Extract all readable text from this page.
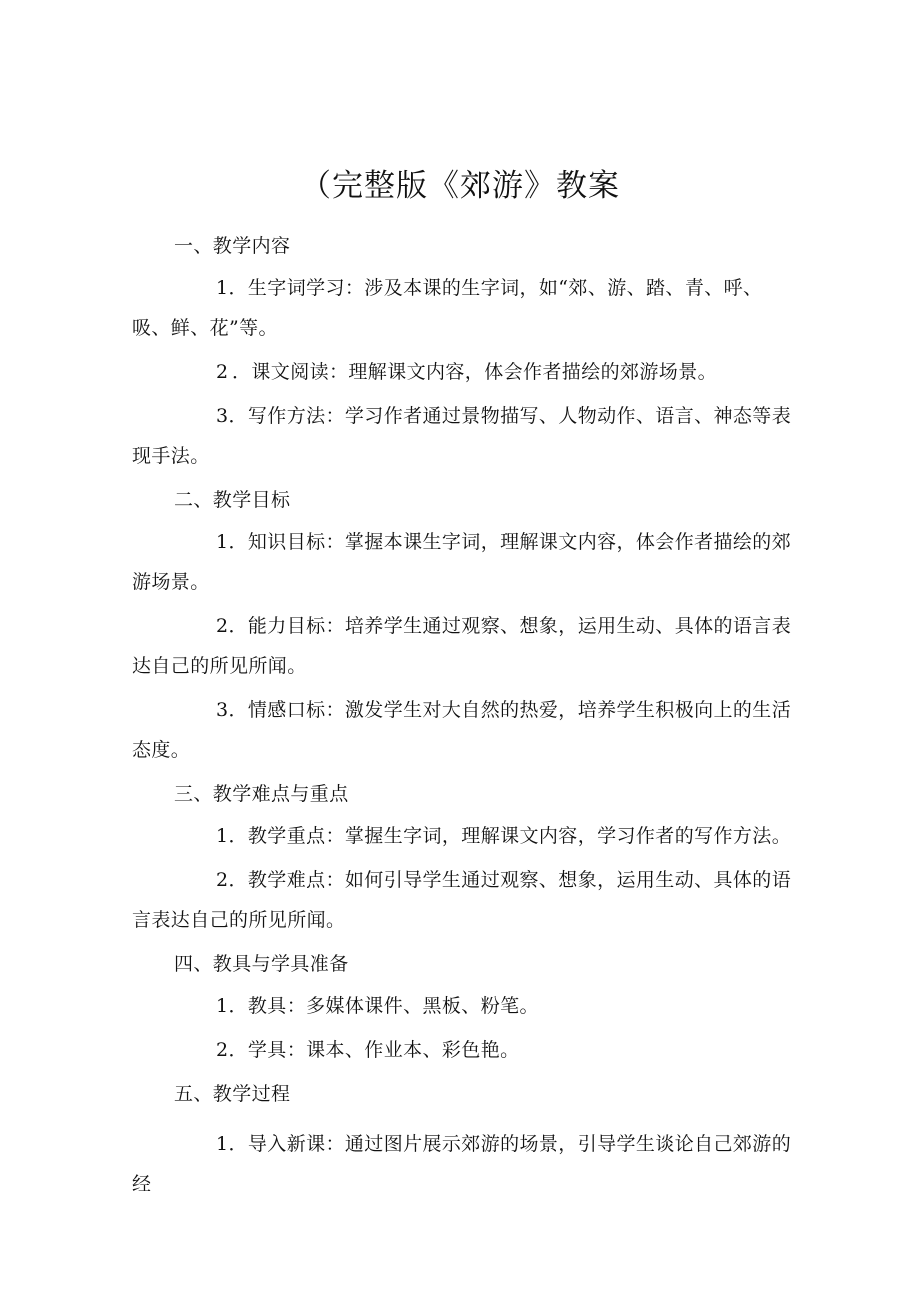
（完整版《郊游》教案

一、教学内容

1．生字词学习：涉及本课的生字词，如“郊、游、踏、青、呼、吸、鲜、花”等。

2 ．课文阅读：理解课文内容，体会作者描绘的郊游场景。

3．写作方法：学习作者通过景物描写、人物动作、语言、神态等表现手法。

二、教学目标

1．知识目标：掌握本课生字词，理解课文内容，体会作者描绘的郊游场景。

2．能力目标：培养学生通过观察、想象，运用生动、具体的语言表达自己的所见所闻。

3．情感口标：激发学生对大自然的热爱，培养学生积极向上的生活态度。

三、教学难点与重点

1．教学重点：掌握生字词，理解课文内容，学习作者的写作方法。

2．教学难点：如何引导学生通过观察、想象，运用生动、具体的语言表达自己的所见所闻。

四、教具与学具准备

1．教具：多媒体课件、黑板、粉笔。

2．学具：课本、作业本、彩色艳。

五、教学过程

1．导入新课：通过图片展示郊游的场景，引导学生谈论自己郊游的经
